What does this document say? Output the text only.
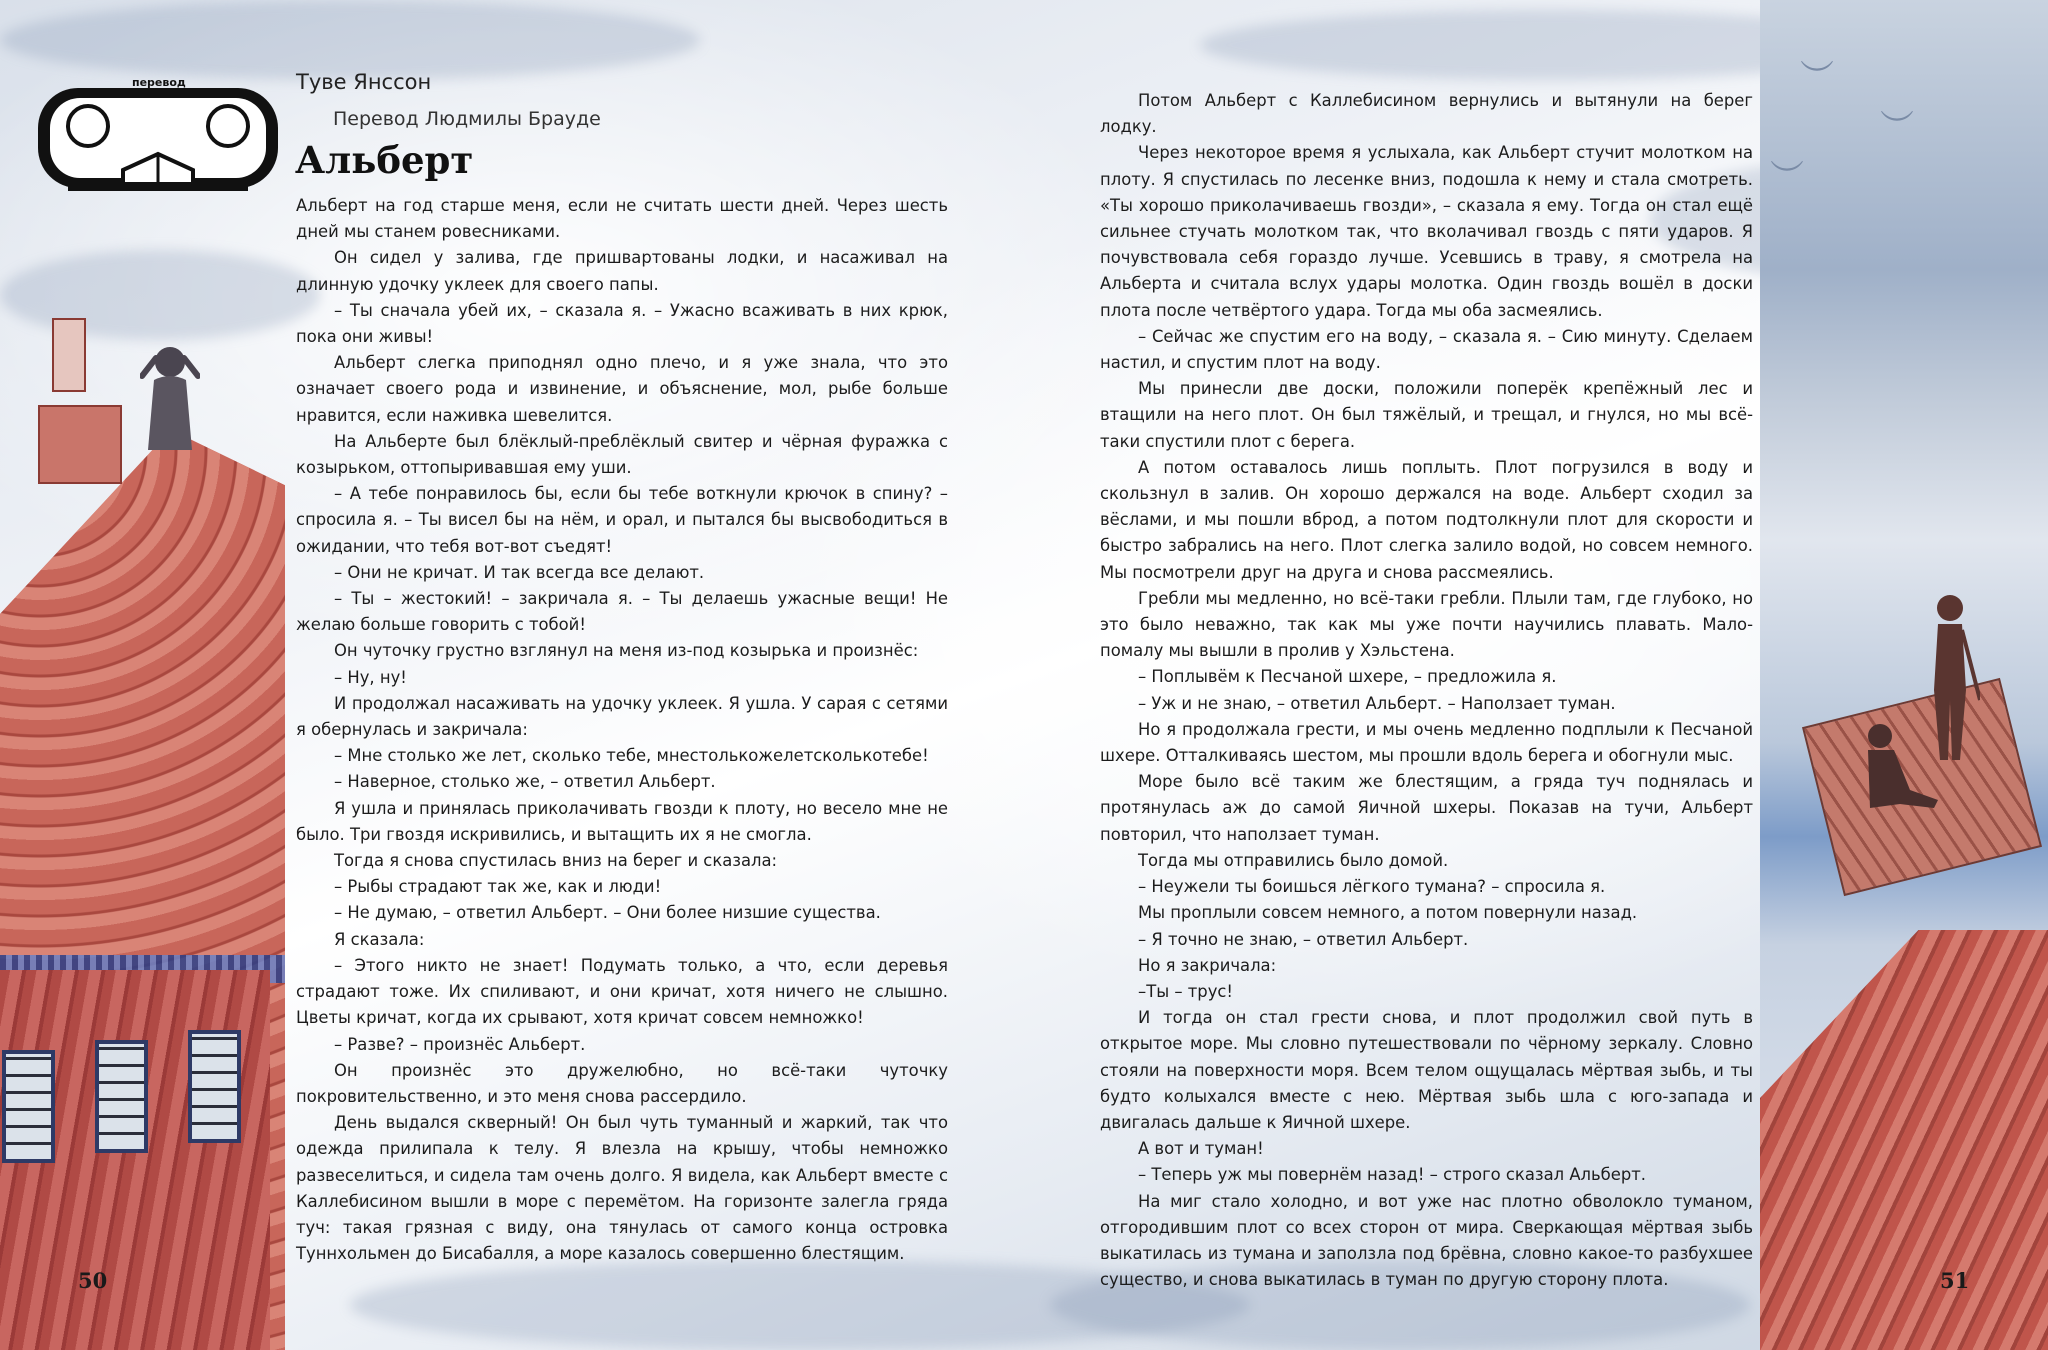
︶
︶
︶
перевод	Туве Янссон
Перевод Людмилы Брауде
Альберт

Альберт на год старше меня, если не считать шести дней. Через шесть дней мы станем ровесниками.

Он сидел у залива, где пришвартованы лодки, и насаживал на длинную удочку уклеек для своего папы.

– Ты сначала убей их, – сказала я. – Ужасно всаживать в них крюк, пока они живы!

Альберт слегка приподнял одно плечо, и я уже знала, что это означает своего рода и извинение, и объяснение, мол, рыбе больше нравится, если наживка шевелится.

На Альберте был блёклый-преблёклый свитер и чёрная фуражка с козырьком, оттопыривавшая ему уши.

– А тебе понравилось бы, если бы тебе воткнули крючок в спину? – спросила я. – Ты висел бы на нём, и орал, и пытался бы высвободиться в ожидании, что тебя вот-вот съедят!

– Они не кричат. И так всегда все делают.

– Ты – жестокий! – закричала я. – Ты делаешь ужасные вещи! Не желаю больше говорить с тобой!

Он чуточку грустно взглянул на меня из-под козырька и произнёс:

– Ну, ну!

И продолжал насаживать на удочку уклеек. Я ушла. У сарая с сетями я обернулась и закричала:

– Мне столько же лет, сколько тебе, мнестолькожелетсколькотебе!

– Наверное, столько же, – ответил Альберт.

Я ушла и принялась приколачивать гвозди к плоту, но весело мне не было. Три гвоздя искривились, и вытащить их я не смогла.

Тогда я снова спустилась вниз на берег и сказала:

– Рыбы страдают так же, как и люди!

– Не думаю, – ответил Альберт. – Они более низшие существа.

Я сказала:

– Этого никто не знает! Подумать только, а что, если деревья страдают тоже. Их спиливают, и они кричат, хотя ничего не слышно. Цветы кричат, когда их срывают, хотя кричат совсем немножко!

– Разве? – произнёс Альберт.

Он произнёс это дружелюбно, но всё-таки чуточку покровительственно, и это меня снова рассердило.

День выдался скверный! Он был чуть туманный и жаркий, так что одежда прилипала к телу. Я влезла на крышу, чтобы немножко развеселиться, и сидела там очень долго. Я видела, как Альберт вместе с Каллебисином вышли в море с перемётом. На горизонте залегла гряда туч: такая грязная с виду, она тянулась от самого конца островка Туннхольмен до Бисабалля, а море казалось совершенно блестящим.

Потом Альберт с Каллебисином вернулись и вытянули на берег лодку.

Через некоторое время я услыхала, как Альберт стучит молотком на плоту. Я спустилась по лесенке вниз, подошла к нему и стала смотреть. «Ты хорошо приколачиваешь гвозди», – сказала я ему. Тогда он стал ещё сильнее стучать молотком так, что вколачивал гвоздь с пяти ударов. Я почувствовала себя гораздо лучше. Усевшись в траву, я смотрела на Альберта и считала вслух удары молотка. Один гвоздь вошёл в доски плота после четвёртого удара. Тогда мы оба засмеялись.

– Сейчас же спустим его на воду, – сказала я. – Сию минуту. Сделаем настил, и спустим плот на воду.

Мы принесли две доски, положили поперёк крепёжный лес и втащили на него плот. Он был тяжёлый, и трещал, и гнулся, но мы всё-таки спустили плот с берега.

А потом оставалось лишь поплыть. Плот погрузился в воду и скользнул в залив. Он хорошо держался на воде. Альберт сходил за вёслами, и мы пошли вброд, а потом подтолкнули плот для скорости и быстро забрались на него. Плот слегка залило водой, но совсем немного. Мы посмотрели друг на друга и снова рассмеялись.

Гребли мы медленно, но всё-таки гребли. Плыли там, где глубоко, но это было неважно, так как мы уже почти научились плавать. Мало-помалу мы вышли в пролив у Хэльстена.

– Поплывём к Песчаной шхере, – предложила я.

– Уж и не знаю, – ответил Альберт. – Наползает туман.

Но я продолжала грести, и мы очень медленно подплыли к Песчаной шхере. Отталкиваясь шестом, мы прошли вдоль берега и обогнули мыс.

Море было всё таким же блестящим, а гряда туч поднялась и протянулась аж до самой Яичной шхеры. Показав на тучи, Альберт повторил, что наползает туман.

Тогда мы отправились было домой.

– Неужели ты боишься лёгкого тумана? – спросила я.

Мы проплыли совсем немного, а потом повернули назад.

– Я точно не знаю, – ответил Альберт.

Но я закричала:

–Ты – трус!

И тогда он стал грести снова, и плот продолжил свой путь в открытое море. Мы словно путешествовали по чёрному зеркалу. Словно стояли на поверхности моря. Всем телом ощущалась мёртвая зыбь, и ты будто колыхался вместе с нею. Мёртвая зыбь шла с юго-запада и двигалась дальше к Яичной шхере.

А вот и туман!

– Теперь уж мы повернём назад! – строго сказал Альберт.

На миг стало холодно, и вот уже нас плотно обволокло туманом, отгородившим плот со всех сторон от мира. Сверкающая мёртвая зыбь выкатилась из тумана и заползла под брёвна, словно какое-то разбухшее существо, и снова выкатилась в туман по другую сторону плота.

50	51
